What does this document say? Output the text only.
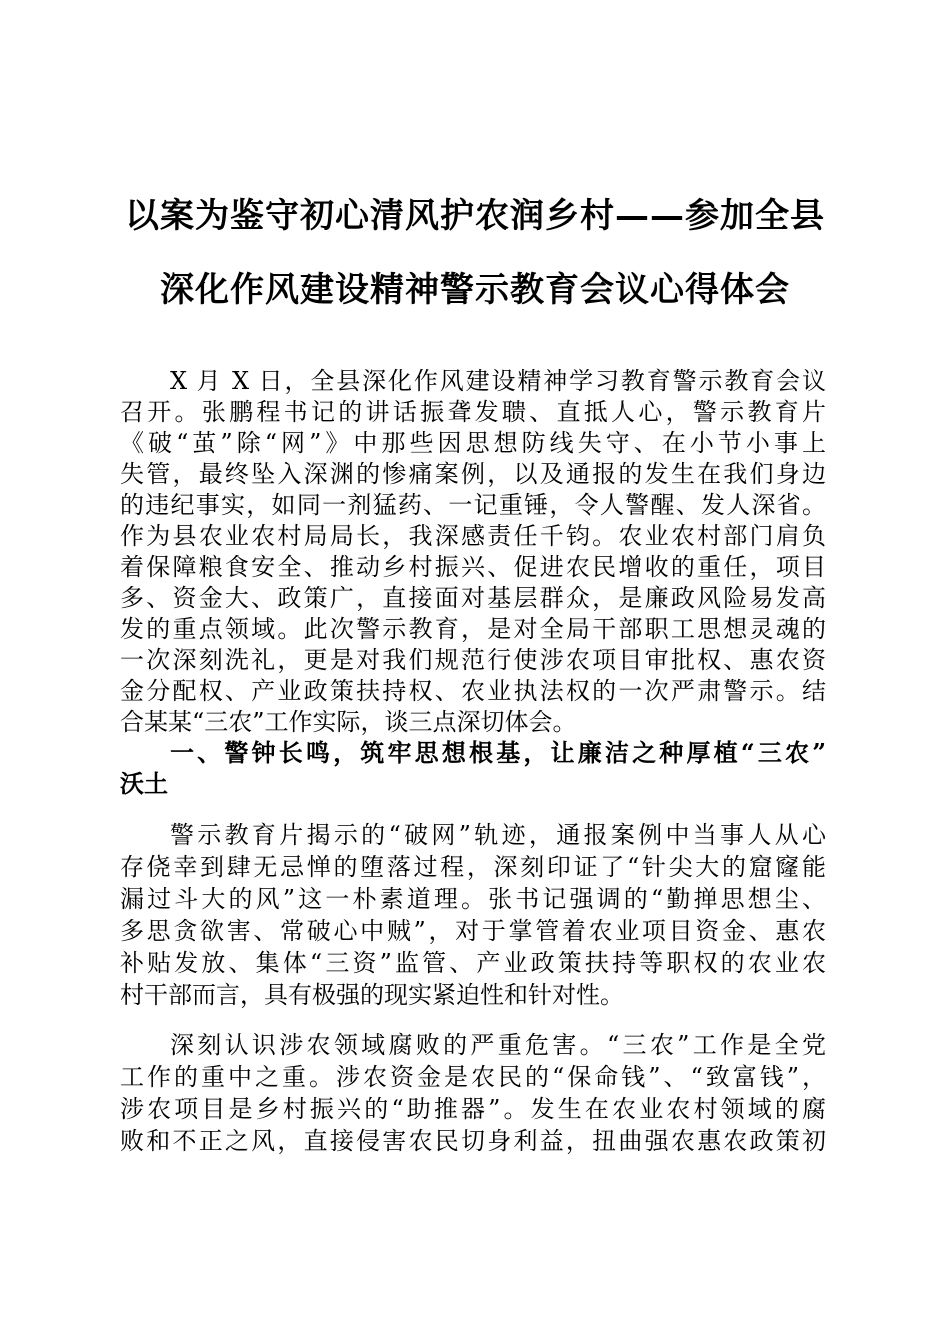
以案为鉴守初心清风护农润乡村——参加全县
深化作风建设精神警示教育会议心得体会
X 月 X 日，全县深化作风建设精神学习教育警示教育会议
召开。张鹏程书记的讲话振聋发聩、直抵人心，警示教育片
《破“茧”除“网”》中那些因思想防线失守、在小节小事上
失管，最终坠入深渊的惨痛案例，以及通报的发生在我们身边
的违纪事实，如同一剂猛药、一记重锤，令人警醒、发人深省。
作为县农业农村局局长，我深感责任千钧。农业农村部门肩负
着保障粮食安全、推动乡村振兴、促进农民增收的重任，项目
多、资金大、政策广，直接面对基层群众，是廉政风险易发高
发的重点领域。此次警示教育，是对全局干部职工思想灵魂的
一次深刻洗礼，更是对我们规范行使涉农项目审批权、惠农资
金分配权、产业政策扶持权、农业执法权的一次严肃警示。结
合某某“三农”工作实际，谈三点深切体会。
一、警钟长鸣，筑牢思想根基，让廉洁之种厚植“三农”
沃土
警示教育片揭示的“破网”轨迹，通报案例中当事人从心
存侥幸到肆无忌惮的堕落过程，深刻印证了“针尖大的窟窿能
漏过斗大的风”这一朴素道理。张书记强调的“勤掸思想尘、
多思贪欲害、常破心中贼”，对于掌管着农业项目资金、惠农
补贴发放、集体“三资”监管、产业政策扶持等职权的农业农
村干部而言，具有极强的现实紧迫性和针对性。
深刻认识涉农领域腐败的严重危害。“三农”工作是全党
工作的重中之重。涉农资金是农民的“保命钱”、“致富钱”，
涉农项目是乡村振兴的“助推器”。发生在农业农村领域的腐
败和不正之风，直接侵害农民切身利益，扭曲强农惠农政策初
